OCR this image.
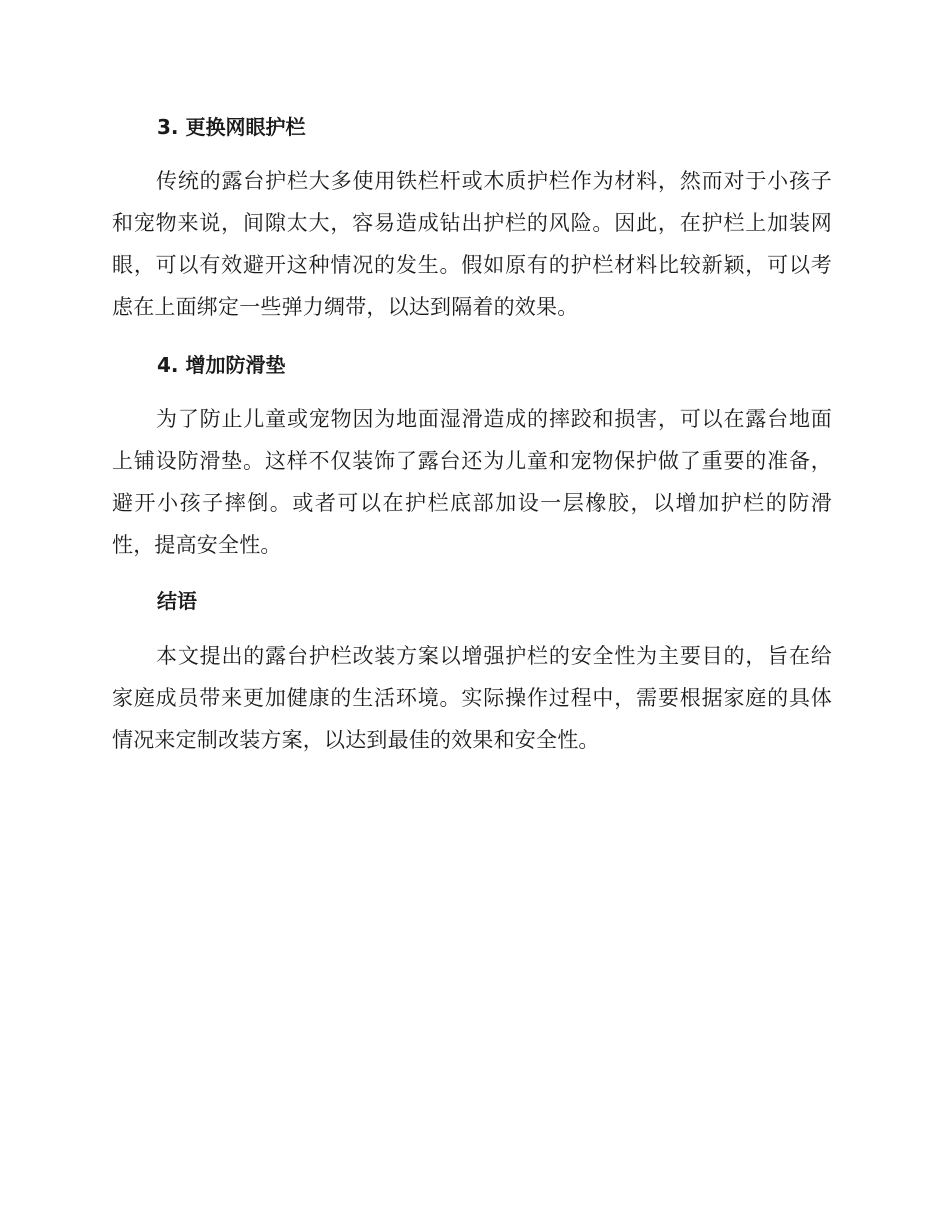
3. 更换网眼护栏

传统的露台护栏大多使用铁栏杆或木质护栏作为材料，然而对于小孩子和宠物来说，间隙太大，容易造成钻出护栏的风险。因此，在护栏上加装网眼，可以有效避开这种情况的发生。假如原有的护栏材料比较新颖，可以考虑在上面绑定一些弹力绸带，以达到隔着的效果。

4. 增加防滑垫

为了防止儿童或宠物因为地面湿滑造成的摔跤和损害，可以在露台地面上铺设防滑垫。这样不仅装饰了露台还为儿童和宠物保护做了重要的准备，避开小孩子摔倒。或者可以在护栏底部加设一层橡胶，以增加护栏的防滑性，提高安全性。

结语

本文提出的露台护栏改装方案以增强护栏的安全性为主要目的，旨在给家庭成员带来更加健康的生活环境。实际操作过程中，需要根据家庭的具体情况来定制改装方案，以达到最佳的效果和安全性。
